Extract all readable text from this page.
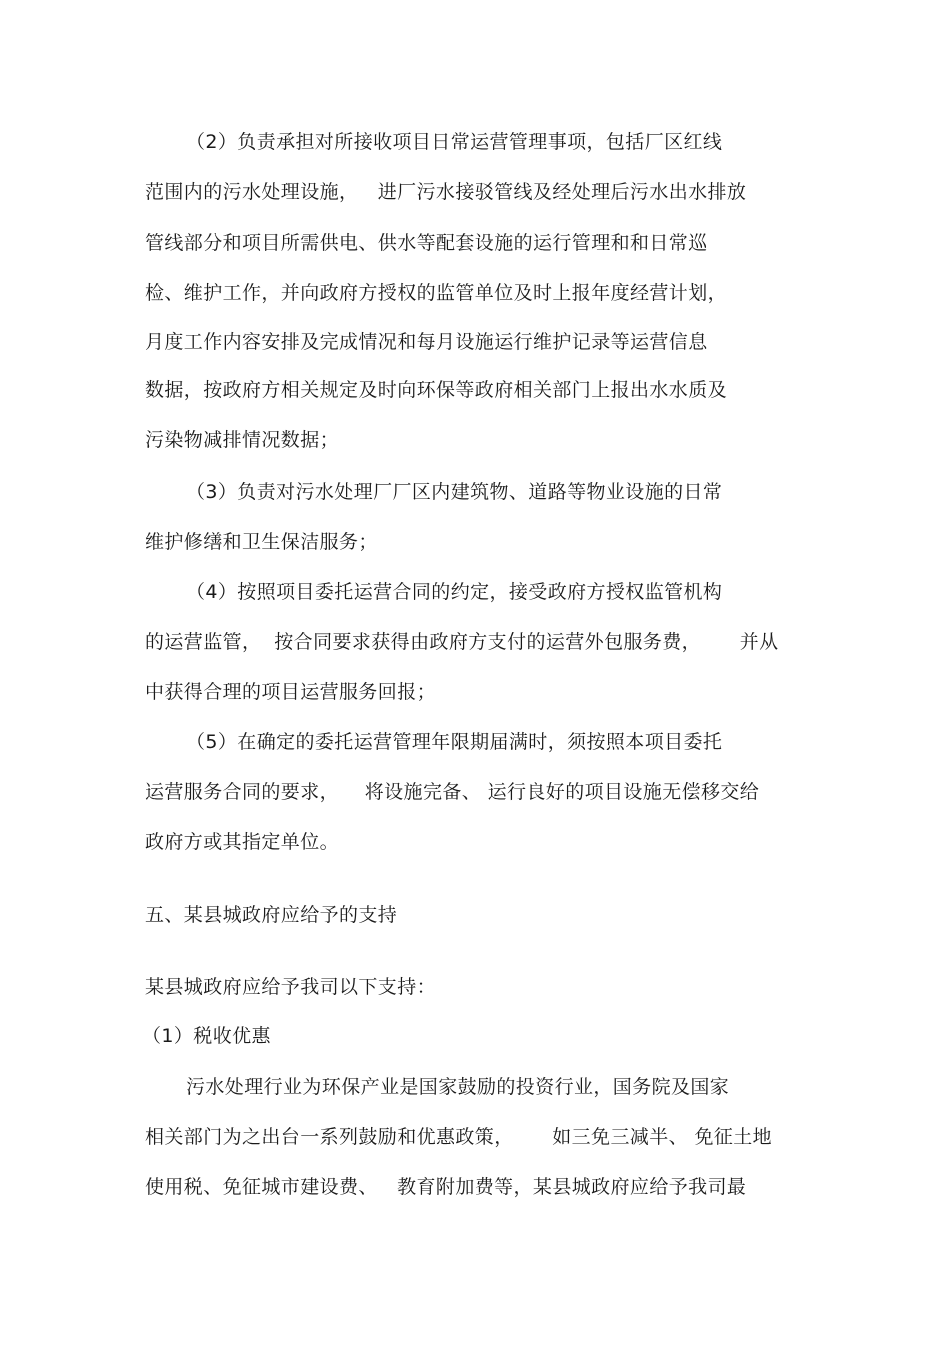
（2）负责承担对所接收项目日常运营管理事项，包括厂区红线
范围内的污水处理设施，   进厂污水接驳管线及经处理后污水出水排放
管线部分和项目所需供电、供水等配套设施的运行管理和和日常巡
检、维护工作，并向政府方授权的监管单位及时上报年度经营计划，
月度工作内容安排及完成情况和每月设施运行维护记录等运营信息
数据，按政府方相关规定及时向环保等政府相关部门上报出水水质及
污染物减排情况数据；
（3）负责对污水处理厂厂区内建筑物、道路等物业设施的日常
维护修缮和卫生保洁服务；
（4）按照项目委托运营合同的约定，接受政府方授权监管机构
的运营监管，  按合同要求获得由政府方支付的运营外包服务费，      并从
中获得合理的项目运营服务回报；
（5）在确定的委托运营管理年限期届满时，须按照本项目委托
运营服务合同的要求，    将设施完备、 运行良好的项目设施无偿移交给
政府方或其指定单位。
五、某县城政府应给予的支持
某县城政府应给予我司以下支持：
（1）税收优惠
污水处理行业为环保产业是国家鼓励的投资行业，国务院及国家
相关部门为之出台一系列鼓励和优惠政策，      如三免三减半、 免征土地
使用税、免征城市建设费、   教育附加费等，某县城政府应给予我司最
